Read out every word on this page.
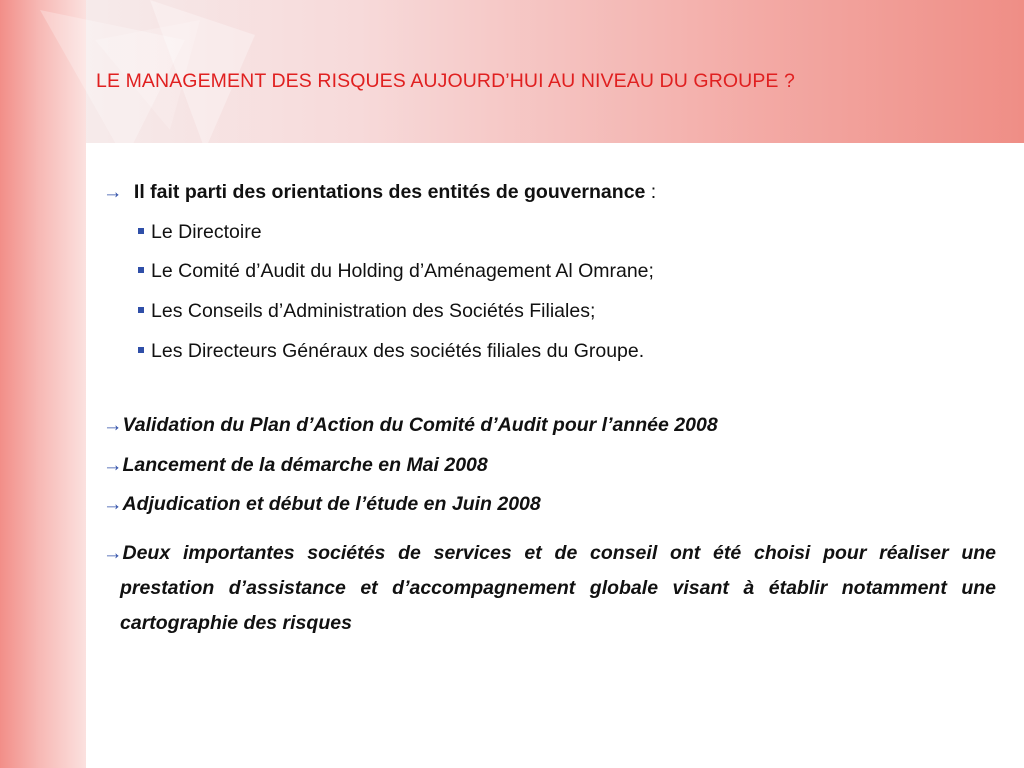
LE MANAGEMENT DES RISQUES AUJOURD’HUI AU NIVEAU DU GROUPE ?
→ Il fait parti des orientations des entités de gouvernance :
Le Directoire
Le Comité d’Audit du Holding d’Aménagement Al Omrane;
Les Conseils d’Administration des Sociétés Filiales;
Les Directeurs Généraux des sociétés filiales du Groupe.
→Validation du Plan d’Action du Comité d’Audit pour l’année 2008
→Lancement de la démarche en Mai 2008
→Adjudication et début de l’étude en Juin 2008
→Deux importantes sociétés de services et de conseil ont été choisi pour réaliser une prestation d’assistance et d’accompagnement globale visant à établir notamment une cartographie des risques
